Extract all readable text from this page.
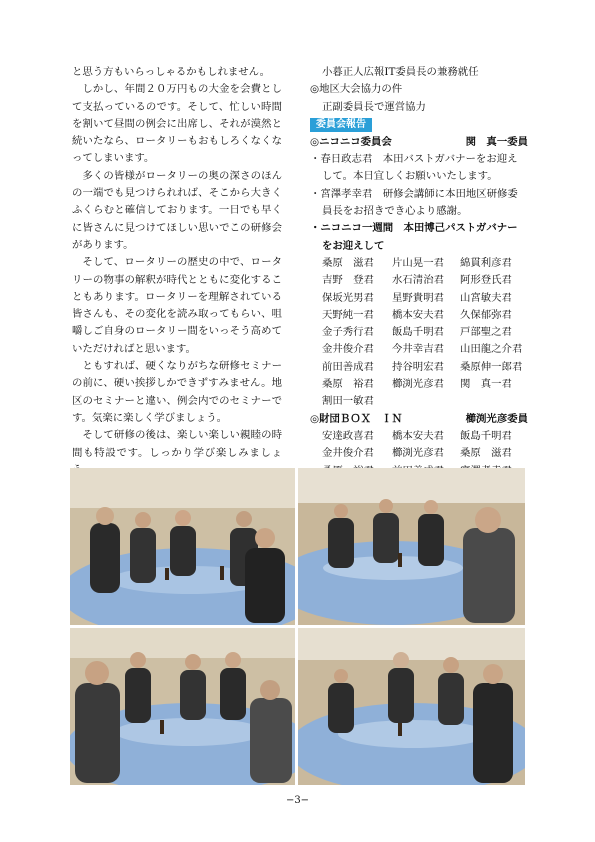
と思う方もいらっしゃるかもしれません。

しかし、年間２０万円もの大金を会費として支払っているのです。そして、忙しい時間を割いて昼間の例会に出席し、それが漠然と続いたなら、ロータリーもおもしろくなくなってしまいます。

多くの皆様がロータリーの奥の深さのほんの一端でも見つけられれば、そこから大きくふくらむと確信しております。一日でも早くに皆さんに見つけてほしい思いでこの研修会があります。

そして、ロータリーの歴史の中で、ロータリーの物事の解釈が時代とともに変化することもあります。ロータリーを理解されている皆さんも、その変化を読み取ってもらい、咀嚼しご自身のロータリー間をいっそう高めていただければと思います。

ともすれば、硬くなりがちな研修セミナーの前に、硬い挨拶しかできずすみません。地区のセミナーと違い、例会内でのセミナーです。気楽に楽しく学びましょう。

そして研修の後は、楽しい楽しい親睦の時間も特設です。しっかり学び楽しみましょ

小暮正人広報IT委員長の兼務就任
◎地区大会協力の件
正副委員長で運営協力
委員会報告
◎ニコニコ委員会	関　真一委員
・春日政志君　本田バストガバナーをお迎え
して。本日宜しくお願いいたします。
・宮澤孝幸君　研修会講師に本田地区研修委
員長をお招きでき心より感謝。
・ニコニコ一週間　本田博己パストガバナー
をお迎えして
桑原　滋君	片山晃一君	綿貫利彦君
吉野　登君	水石清治君	阿形登氏君
保坂光男君	星野貴明君	山宮敏夫君
天野純一君	橋本安夫君	久保郁弥君
金子秀行君	飯島千明君	戸部聖之君
金井俊介君	今井幸吉君	山田龍之介君
前田善成君	持谷明宏君	桑原伸一郎君
桑原　裕君	櫛渕光彦君	関　真一君
割田一敏君
◎財団ＢＯＸ　ＩＮ	櫛渕光彦委員
安達政喜君	橋本安夫君	飯島千明君
金井俊介君	櫛渕光彦君	桑原　滋君
−3−
